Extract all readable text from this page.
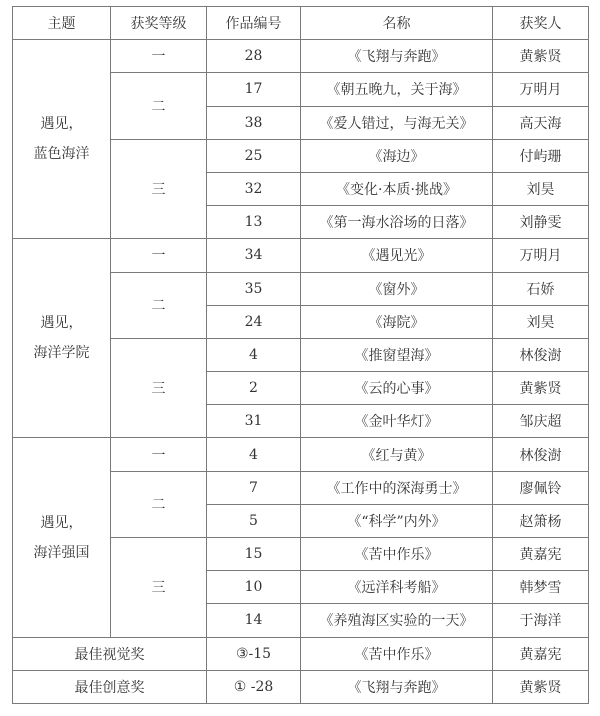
主题	获奖等级	作品编号	名称	获奖人

遇见，
蓝色海洋	一	28	《飞翔与奔跑》	黄紫贤
	二	17	《朝五晚九，关于海》	万明月
		38	《爱人错过，与海无关》	高天海
	三	25	《海边》	付屿珊
		32	《变化·本质·挑战》	刘昊
		13	《第一海水浴场的日落》	刘静雯

遇见，
海洋学院	一	34	《遇见光》	万明月
	二	35	《窗外》	石娇
		24	《海院》	刘昊
	三	4	《推窗望海》	林俊澍
		2	《云的心事》	黄紫贤
		31	《金叶华灯》	邹庆超

遇见，
海洋强国	一	4	《红与黄》	林俊澍
	二	7	《工作中的深海勇士》	廖佩铃
		5	《“科学”内外》	赵箫杨
	三	15	《苦中作乐》	黄嘉宪
		10	《远洋科考船》	韩梦雪
		14	《养殖海区实验的一天》	于海洋
最佳视觉奖		③-15	《苦中作乐》	黄嘉宪
最佳创意奖		① -28	《飞翔与奔跑》	黄紫贤
